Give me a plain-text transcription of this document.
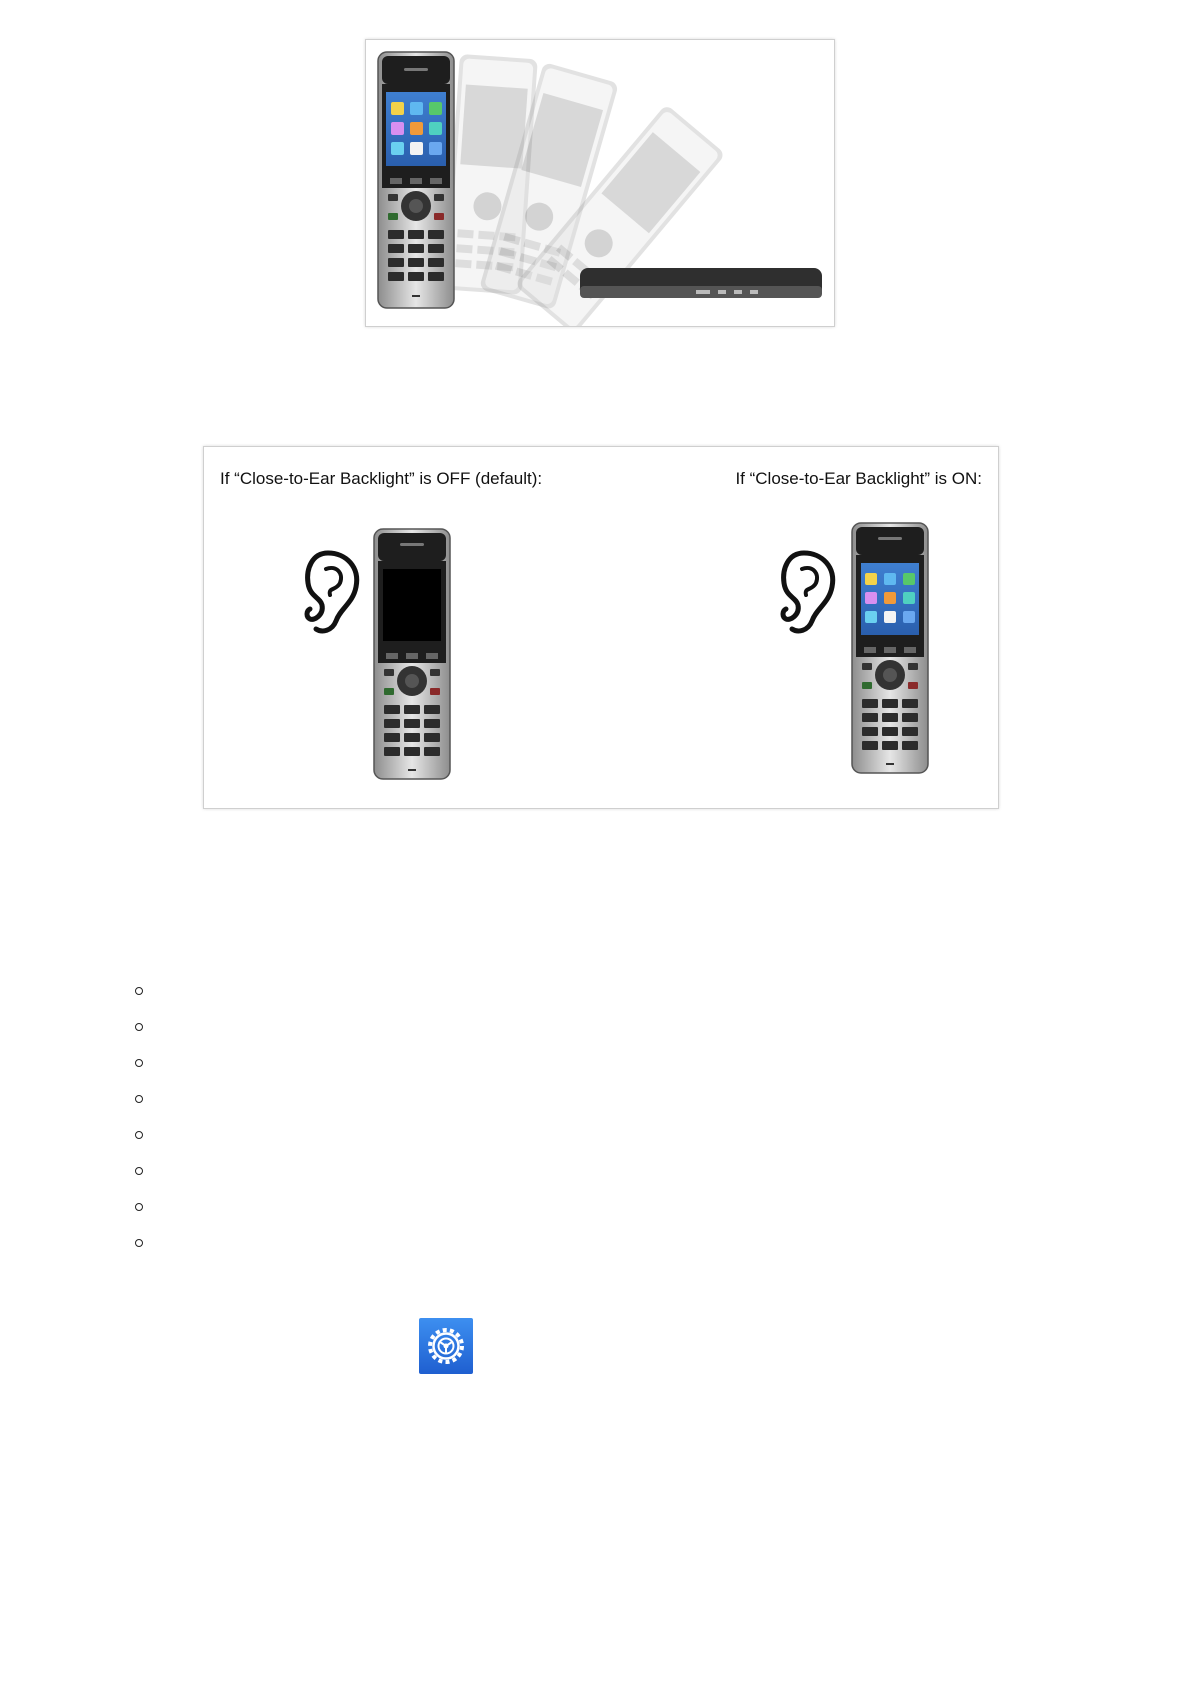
If “Close-to-Ear Backlight” is OFF (default):	If “Close-to-Ear Backlight” is ON:
